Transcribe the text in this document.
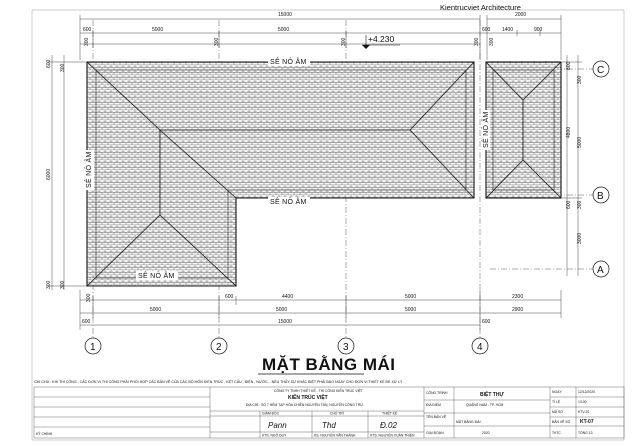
Kientrucviet Architecture
SÊ NÔ ÂM
SÊ NÔ ÂM
SÊ NÔ ÂM
SÊ NÔ ÂM
SÊ NÔ ÂM
+4.230
15000	2000
600	5000	5000	600 1400	900
300	300	300	300 300
300	600	4400	5000	2300
5000	5000	5000	2900
600	600
15000
600 300
6000
300
300
800
300
4800
5000
600 300
3000
1	2	3	4
C
B
A
MẶT BẰNG MÁI
GHI CHÚ : KHI THI CÔNG , CÁC ĐƠN VỊ THI CÔNG PHẢI PHỐI HỢP CÁC BẢN VẼ CỦA CÁC BỘ MÔN KIẾN TRÚC , KẾT CẤU , ĐIỆN , NƯỚC... NẾU THẤY SỰ KHÁC BIỆT PHẢI BÁO NGAY CHO ĐƠN VỊ THIẾT KẾ ĐỂ XỬ LÝ .
CÔNG TY TNHH THIẾT KẾ - THI CÔNG KIẾN TRÚC VIỆT
KIẾN TRÚC VIỆT
ĐỊA CHỈ : SỐ 7 HẺM TẠP HÓA CHIẾN NGUYÊN TÂN, NGUYỄN CÔNG TRỨ
KỸ CHÍNH
GIÁM ĐỐC	CHỦ TRÌ	THIẾT KẾ
Pann	Thd	Đ.02
KTS. NGÔ DUY	KS. NGUYỄN VĂN THÀNH	KTS. NGUYỄN XUÂN THIỆN
CÔNG TRÌNH	BIỆT THỰ
ĐỊA ĐIỂM	QUẬNG NAM - TP. HCM
TÊN BẢN VẼ
MẶT BẰNG MÁI
GIAI ĐOẠN	2020
NGÀY	12/12/2020
TỈ LỆ	1/100
MÃ SỐ	KTV-20
BẢN VẼ SỐ KT-07
TKTC	TỔNG 13
